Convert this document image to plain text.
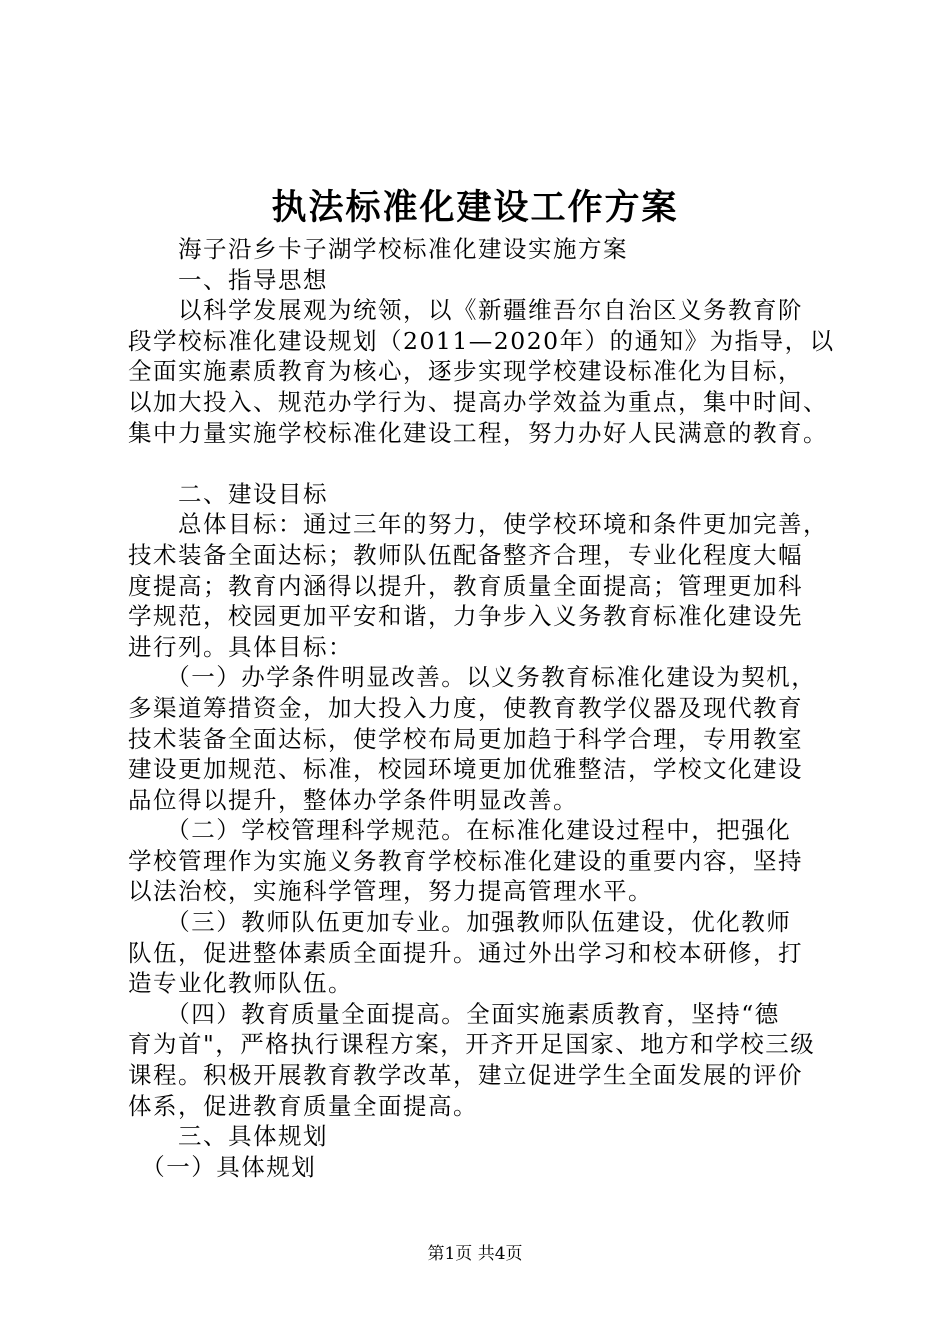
执法标准化建设工作方案
　　海子沿乡卡子湖学校标准化建设实施方案
　　一、指导思想
　　以科学发展观为统领，以《新疆维吾尔自治区义务教育阶
段学校标准化建设规划（2011—2020年）的通知》为指导，以
全面实施素质教育为核心，逐步实现学校建设标准化为目标，
以加大投入、规范办学行为、提高办学效益为重点，集中时间、
集中力量实施学校标准化建设工程，努力办好人民满意的教育。
　　二、建设目标
　　总体目标：通过三年的努力，使学校环境和条件更加完善，
技术装备全面达标；教师队伍配备整齐合理，专业化程度大幅
度提高；教育内涵得以提升，教育质量全面提高；管理更加科
学规范，校园更加平安和谐，力争步入义务教育标准化建设先
进行列。具体目标：
　　（一）办学条件明显改善。以义务教育标准化建设为契机，
多渠道筹措资金，加大投入力度，使教育教学仪器及现代教育
技术装备全面达标，使学校布局更加趋于科学合理，专用教室
建设更加规范、标准，校园环境更加优雅整洁，学校文化建设
品位得以提升，整体办学条件明显改善。
　　（二）学校管理科学规范。在标准化建设过程中，把强化
学校管理作为实施义务教育学校标准化建设的重要内容，坚持
以法治校，实施科学管理，努力提高管理水平。
　　（三）教师队伍更加专业。加强教师队伍建设，优化教师
队伍，促进整体素质全面提升。通过外出学习和校本研修，打
造专业化教师队伍。
　　（四）教育质量全面提高。全面实施素质教育，坚持“德
育为首"，严格执行课程方案，开齐开足国家、地方和学校三级
课程。积极开展教育教学改革，建立促进学生全面发展的评价
体系，促进教育质量全面提高。
　　三、具体规划
　（一）具体规划
第1页 共4页
